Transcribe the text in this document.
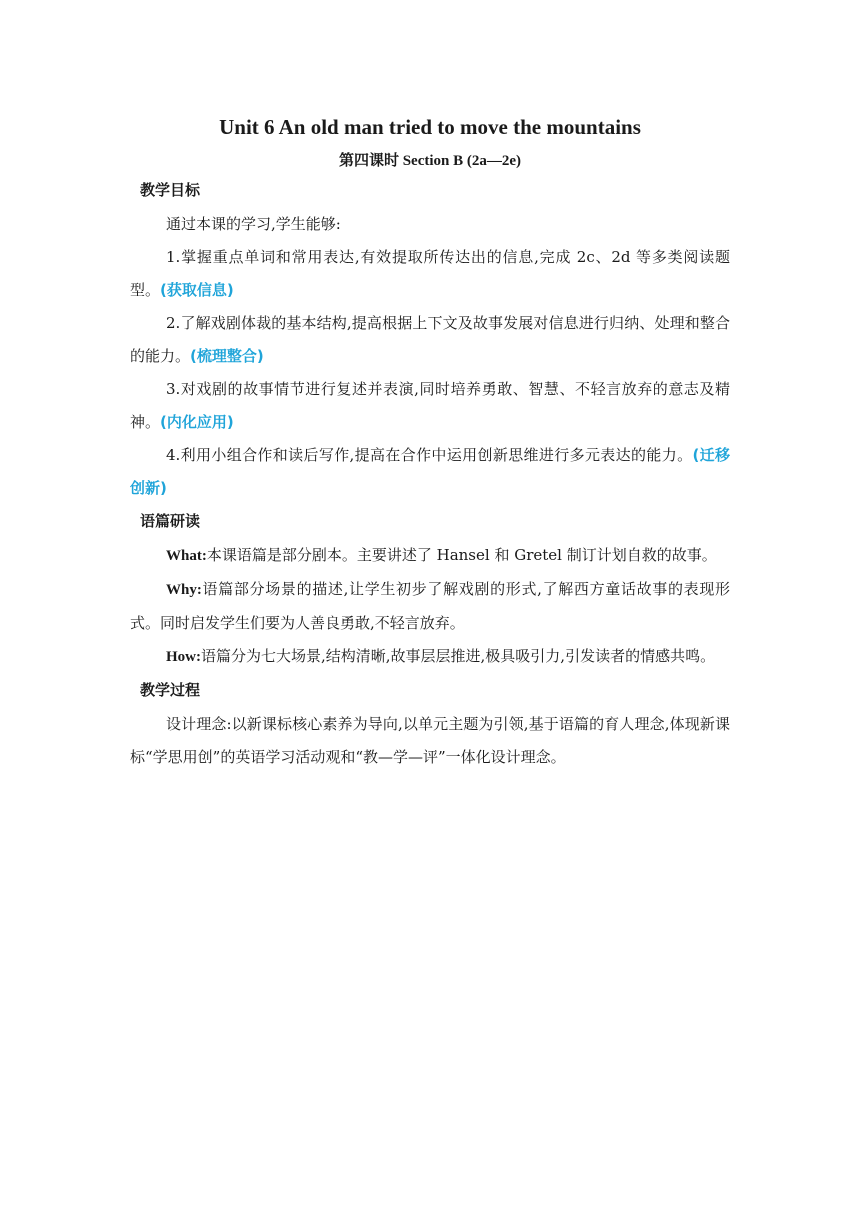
Unit 6 An old man tried to move the mountains
第四课时 Section B (2a—2e)
教学目标

通过本课的学习,学生能够:

1.掌握重点单词和常用表达,有效提取所传达出的信息,完成 2c、2d 等多类阅读题型。(获取信息)

2.了解戏剧体裁的基本结构,提高根据上下文及故事发展对信息进行归纳、处理和整合的能力。(梳理整合)

3.对戏剧的故事情节进行复述并表演,同时培养勇敢、智慧、不轻言放弃的意志及精神。(内化应用)

4.利用小组合作和读后写作,提高在合作中运用创新思维进行多元表达的能力。(迁移创新)

语篇研读

What:本课语篇是部分剧本。主要讲述了 Hansel 和 Gretel 制订计划自救的故事。

Why:语篇部分场景的描述,让学生初步了解戏剧的形式,了解西方童话故事的表现形式。同时启发学生们要为人善良勇敢,不轻言放弃。

How:语篇分为七大场景,结构清晰,故事层层推进,极具吸引力,引发读者的情感共鸣。

教学过程

设计理念:以新课标核心素养为导向,以单元主题为引领,基于语篇的育人理念,体现新课标“学思用创”的英语学习活动观和“教—学—评”一体化设计理念。
